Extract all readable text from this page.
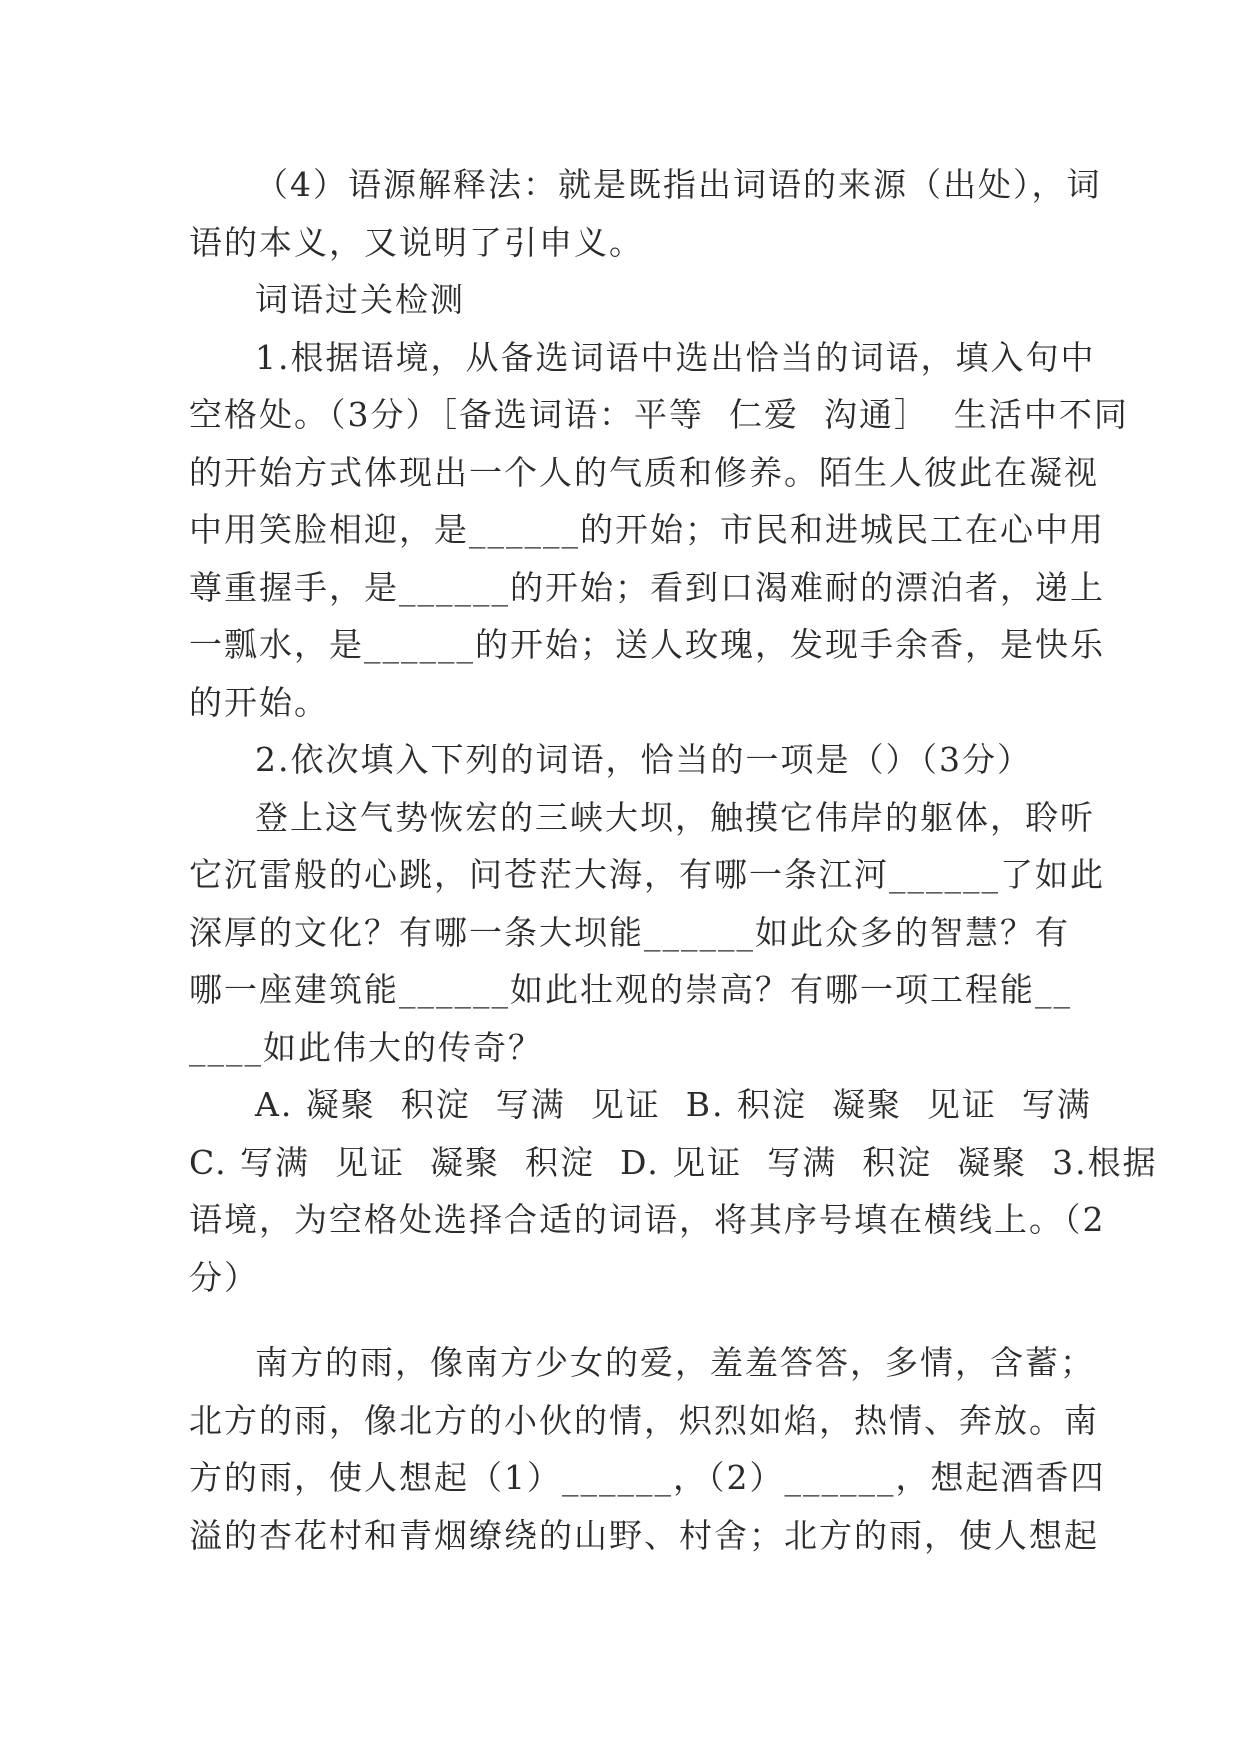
（4）语源解释法：就是既指出词语的来源（出处），词
语的本义，又说明了引申义。
词语过关检测
1.根据语境，从备选词语中选出恰当的词语，填入句中
空格处。（3分）［备选词语：平等  仁爱  沟通］  生活中不同
的开始方式体现出一个人的气质和修养。陌生人彼此在凝视
中用笑脸相迎，是______的开始；市民和进城民工在心中用
尊重握手，是______的开始；看到口渴难耐的漂泊者，递上
一瓢水，是______的开始；送人玫瑰，发现手余香，是快乐
的开始。
2.依次填入下列的词语，恰当的一项是（）（3分）
登上这气势恢宏的三峡大坝，触摸它伟岸的躯体，聆听
它沉雷般的心跳，问苍茫大海，有哪一条江河______了如此
深厚的文化？有哪一条大坝能______如此众多的智慧？有
哪一座建筑能______如此壮观的崇高？有哪一项工程能__
____如此伟大的传奇？
A. 凝聚  积淀  写满  见证  B. 积淀  凝聚  见证  写满
C. 写满  见证  凝聚  积淀  D. 见证  写满  积淀  凝聚  3.根据
语境，为空格处选择合适的词语，将其序号填在横线上。（2
分）
南方的雨，像南方少女的爱，羞羞答答，多情，含蓄；
北方的雨，像北方的小伙的情，炽烈如焰，热情、奔放。南
方的雨，使人想起（1）______，（2）______，想起酒香四
溢的杏花村和青烟缭绕的山野、村舍；北方的雨，使人想起
